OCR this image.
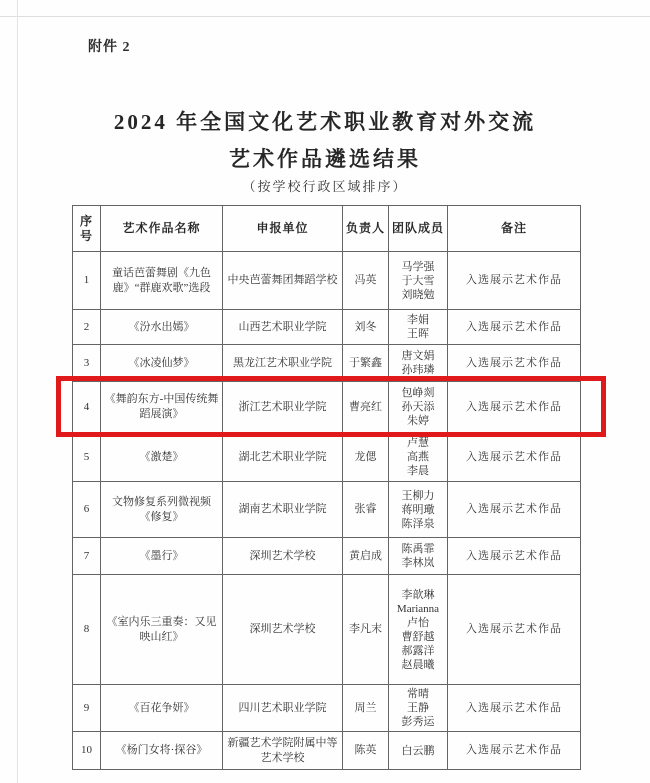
附件 2
2024 年全国文化艺术职业教育对外交流
艺术作品遴选结果
（按学校行政区域排序）
序号	艺术作品名称	申报单位	负责人	团队成员	备注
1	童话芭蕾舞剧《九色鹿》“群鹿欢歌”选段	中央芭蕾舞团舞蹈学校	冯英	马学强
于大雪
刘晓勉	入选展示艺术作品
2	《汾水出嫣》	山西艺术职业学院	刘冬	李娟
王晖	入选展示艺术作品
3	《冰凌仙梦》	黑龙江艺术职业学院	于繁鑫	唐文娟
孙玮璘	入选展示艺术作品
4	《舞韵东方-中国传统舞蹈展演》	浙江艺术职业学院	曹亮红	包峥剡
孙天添
朱婷	入选展示艺术作品
5	《激楚》	湖北艺术职业学院	龙偲	卢慧
高燕
李晨	入选展示艺术作品
6	文物修复系列微视频《修复》	湖南艺术职业学院	张睿	王柳力
蒋明璥
陈泽泉	入选展示艺术作品
7	《墨行》	深圳艺术学校	黄启成	陈禹霏
李林岚	入选展示艺术作品
8	《室内乐三重奏：又见映山红》	深圳艺术学校	李凡末	
李歆琳
Marianna
卢怡
曹舒越
郝露洋
赵晨曦
	入选展示艺术作品
9	《百花争妍》	四川艺术职业学院	周兰	常晴
王静
彭秀运	入选展示艺术作品
10	《杨门女将·探谷》	新疆艺术学院附属中等艺术学校	陈英	白云鹏	入选展示艺术作品
